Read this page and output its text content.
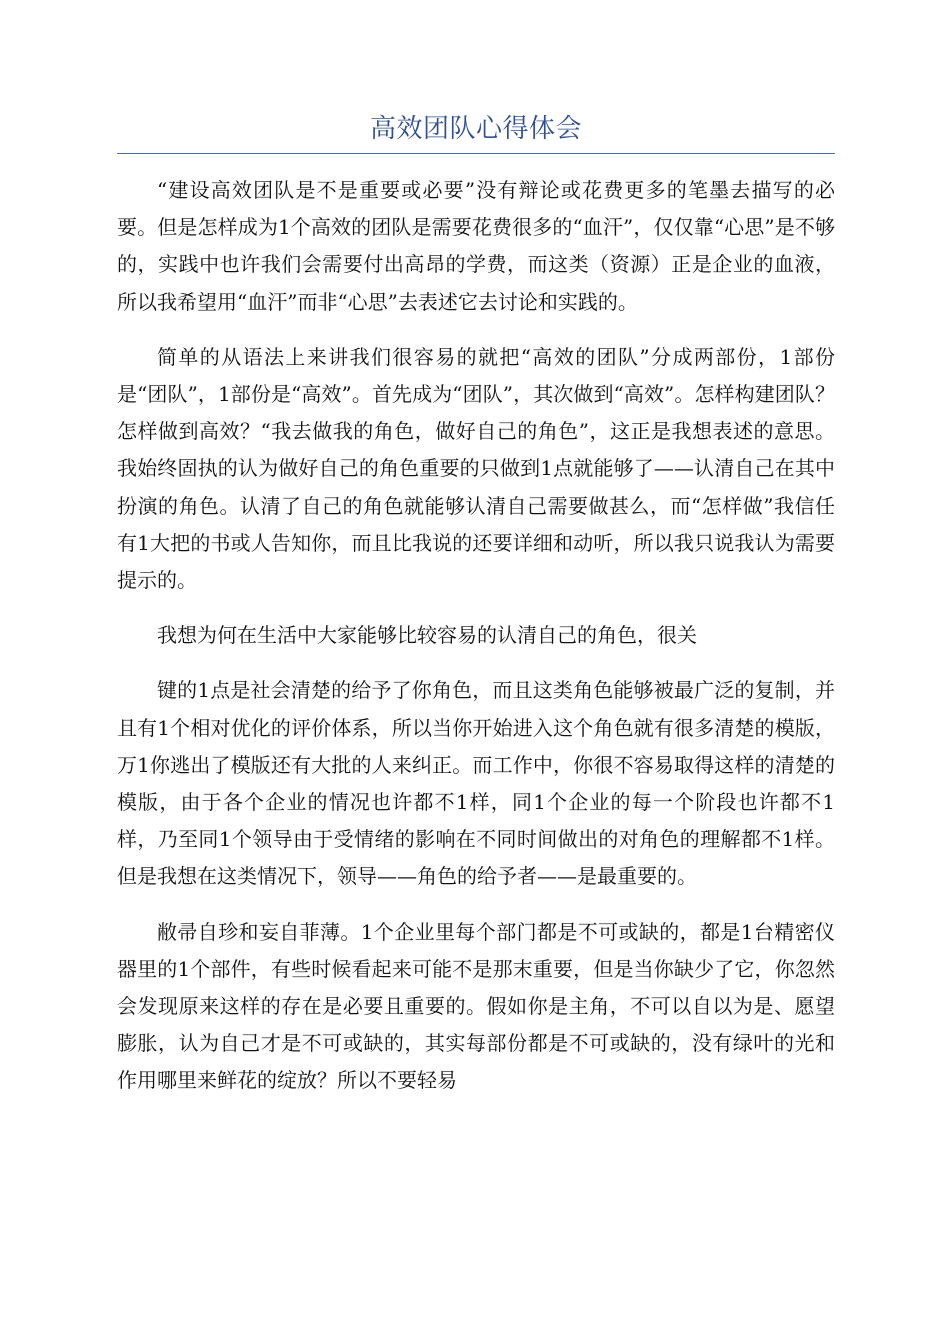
高效团队心得体会

“建设高效团队是不是重要或必要”没有辩论或花费更多的笔墨去描写的必要。但是怎样成为1个高效的团队是需要花费很多的“血汗”，仅仅靠“心思”是不够的，实践中也许我们会需要付出高昂的学费，而这类（资源）正是企业的血液，所以我希望用“血汗”而非“心思”去表述它去讨论和实践的。

简单的从语法上来讲我们很容易的就把“高效的团队”分成两部份，1部份是“团队”，1部份是“高效”。首先成为“团队”，其次做到“高效”。怎样构建团队？怎样做到高效？“我去做我的角色，做好自己的角色”，这正是我想表述的意思。我始终固执的认为做好自己的角色重要的只做到1点就能够了——认清自己在其中扮演的角色。认清了自己的角色就能够认清自己需要做甚么，而“怎样做”我信任有1大把的书或人告知你，而且比我说的还要详细和动听，所以我只说我认为需要提示的。

我想为何在生活中大家能够比较容易的认清自己的角色，很关

键的1点是社会清楚的给予了你角色，而且这类角色能够被最广泛的复制，并且有1个相对优化的评价体系，所以当你开始进入这个角色就有很多清楚的模版，万1你逃出了模版还有大批的人来纠正。而工作中，你很不容易取得这样的清楚的模版，由于各个企业的情况也许都不1样，同1个企业的每一个阶段也许都不1样，乃至同1个领导由于受情绪的影响在不同时间做出的对角色的理解都不1样。但是我想在这类情况下，领导——角色的给予者——是最重要的。

敝帚自珍和妄自菲薄。1个企业里每个部门都是不可或缺的，都是1台精密仪器里的1个部件，有些时候看起来可能不是那末重要，但是当你缺少了它，你忽然会发现原来这样的存在是必要且重要的。假如你是主角，不可以自以为是、愿望膨胀，认为自己才是不可或缺的，其实每部份都是不可或缺的，没有绿叶的光和作用哪里来鲜花的绽放？所以不要轻易
